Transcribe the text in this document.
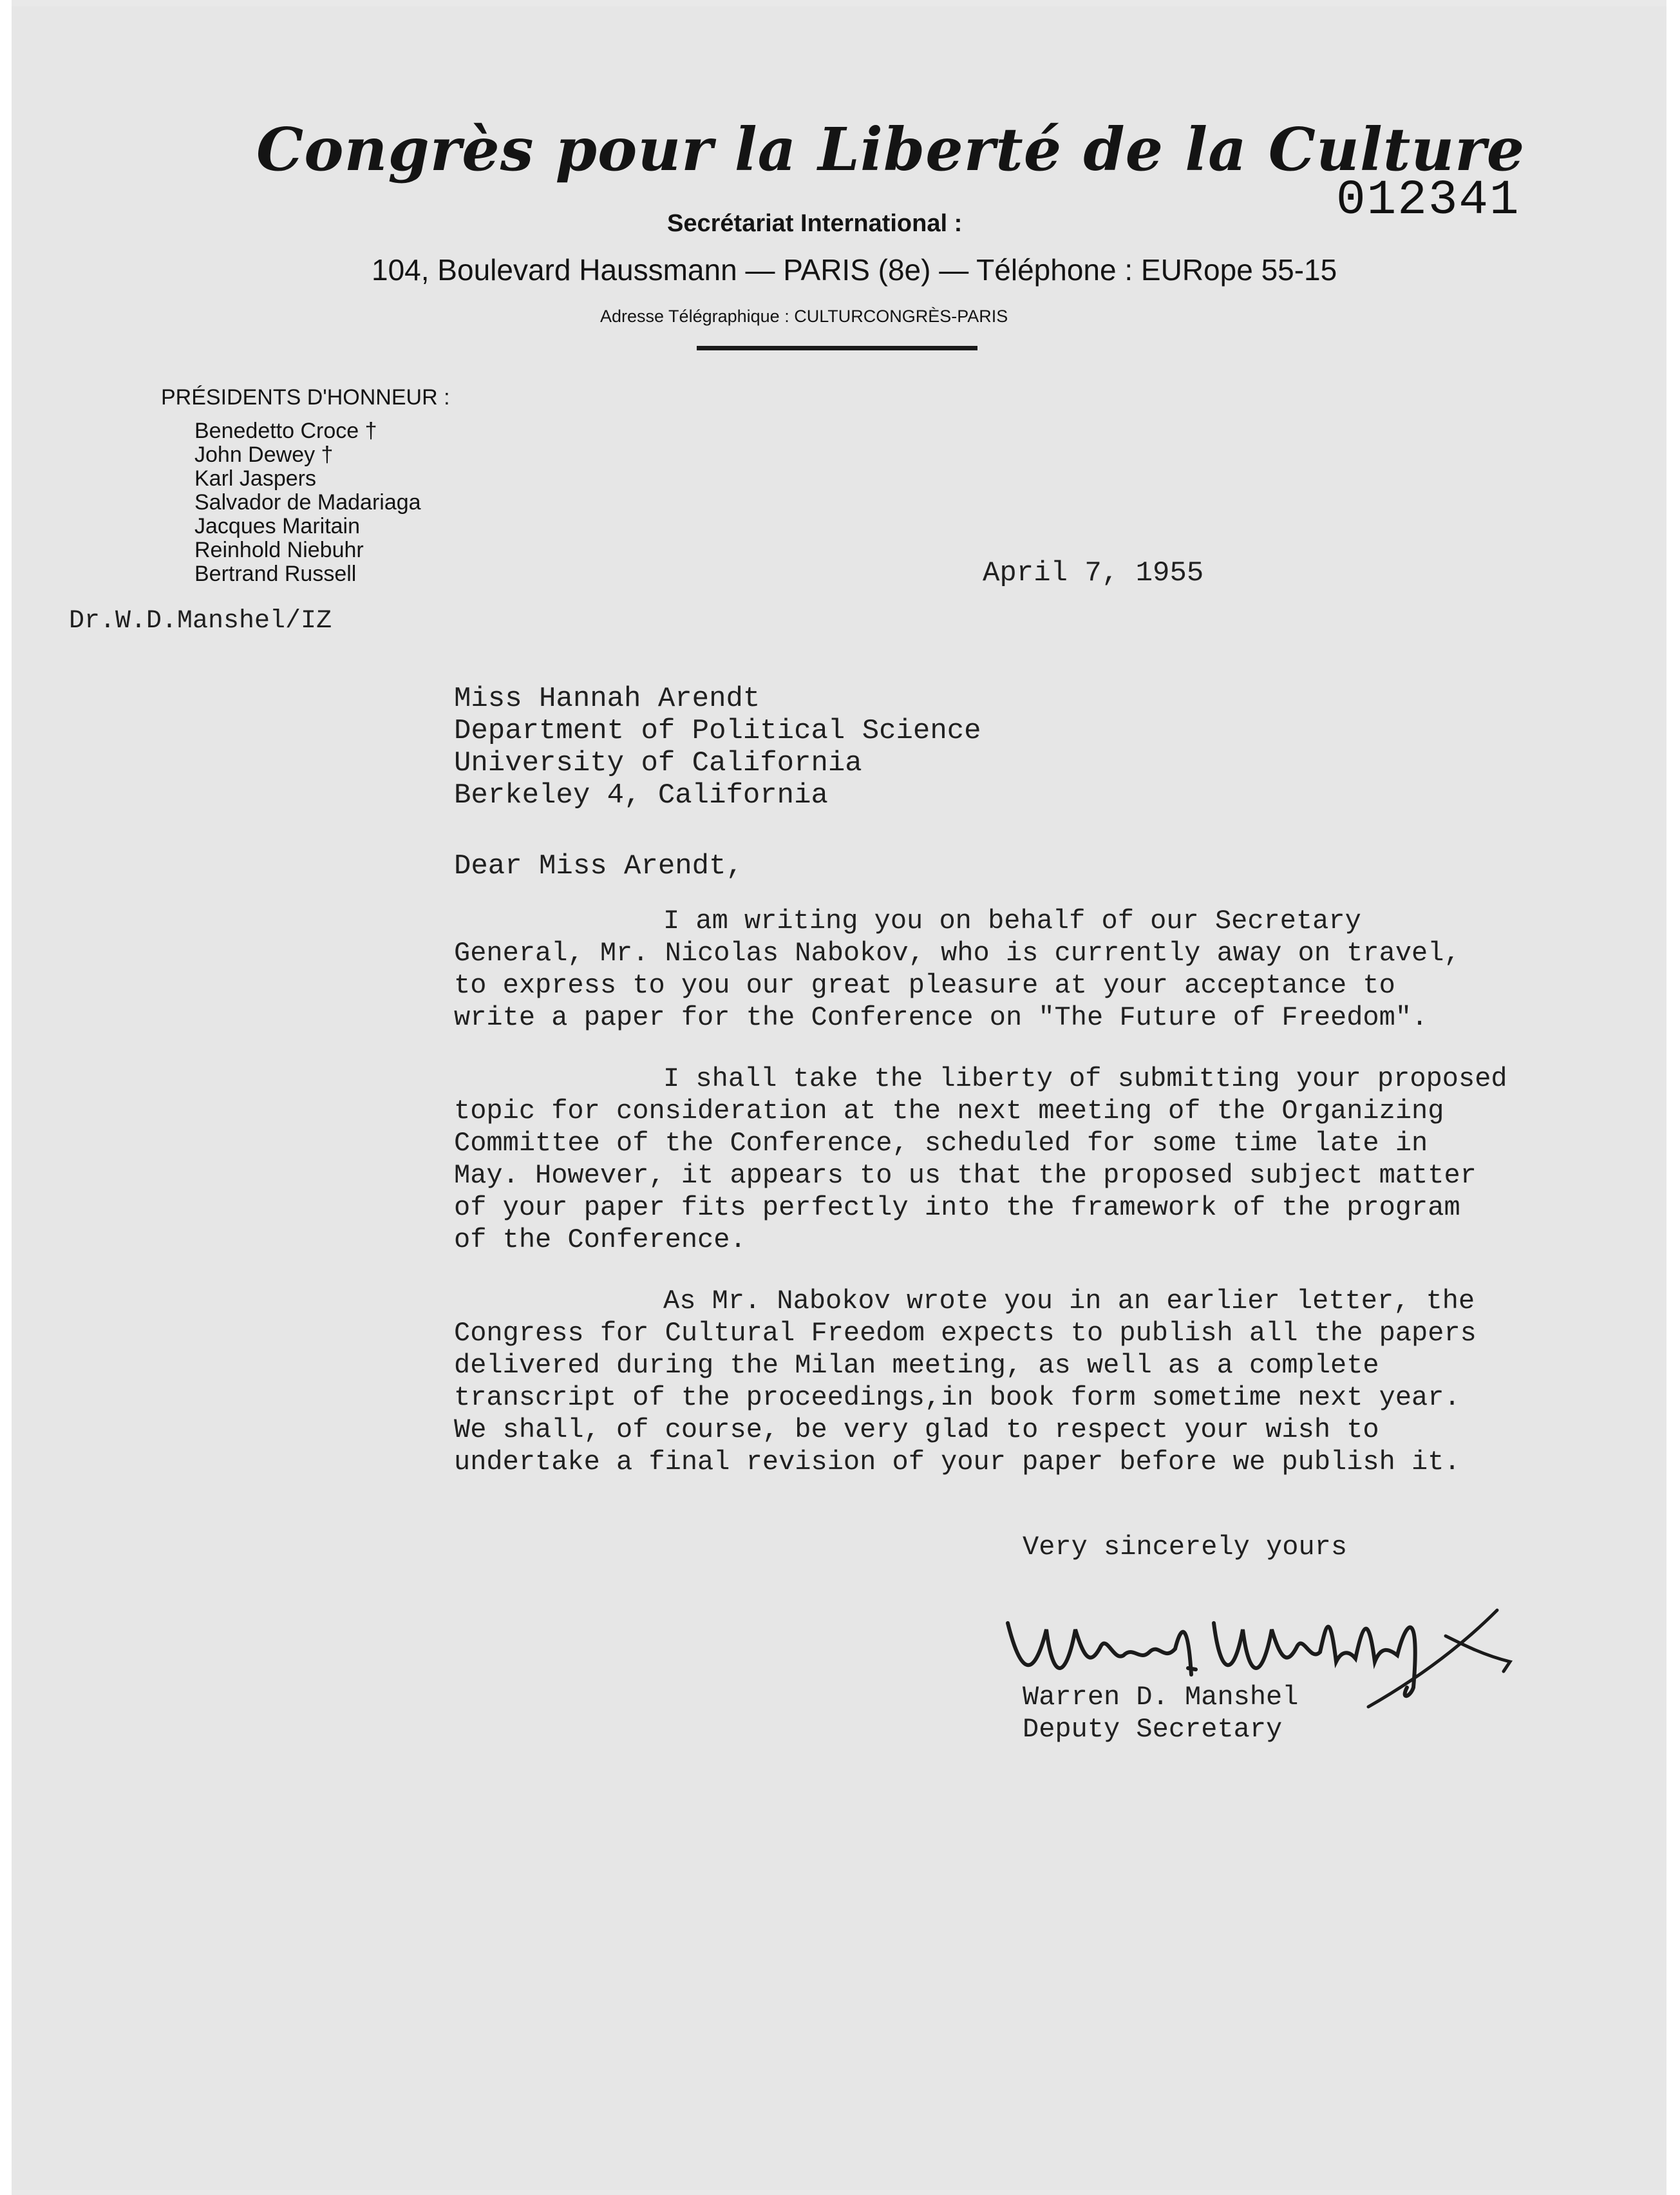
Congrès pour la Liberté de la Culture
012341
Secrétariat International :
104, Boulevard Haussmann — PARIS (8e) — Téléphone : EURope 55-15
Adresse Télégraphique : CULTURCONGRÈS-PARIS
PRÉSIDENTS D'HONNEUR :
Benedetto Croce †
John Dewey †
Karl Jaspers
Salvador de Madariaga
Jacques Maritain
Reinhold Niebuhr
Bertrand Russell
Dr.W.D.Manshel/IZ
April 7, 1955
Miss Hannah Arendt
Department of Political Science
University of California
Berkeley 4, California
Dear Miss Arendt,
I am writing you on behalf of our Secretary
General, Mr. Nicolas Nabokov, who is currently away on travel,
to express to you our great pleasure at your acceptance to
write a paper for the Conference on "The Future of Freedom".
I shall take the liberty of submitting your proposed
topic for consideration at the next meeting of the Organizing
Committee of the Conference, scheduled for some time late in
May. However, it appears to us that the proposed subject matter
of your paper fits perfectly into the framework of the program
of the Conference.
As Mr. Nabokov wrote you in an earlier letter, the
Congress for Cultural Freedom expects to publish all the papers
delivered during the Milan meeting, as well as a complete
transcript of the proceedings,in book form sometime next year.
We shall, of course, be very glad to respect your wish to
undertake a final revision of your paper before we publish it.
Very sincerely yours
Warren D. Manshel
Deputy Secretary
